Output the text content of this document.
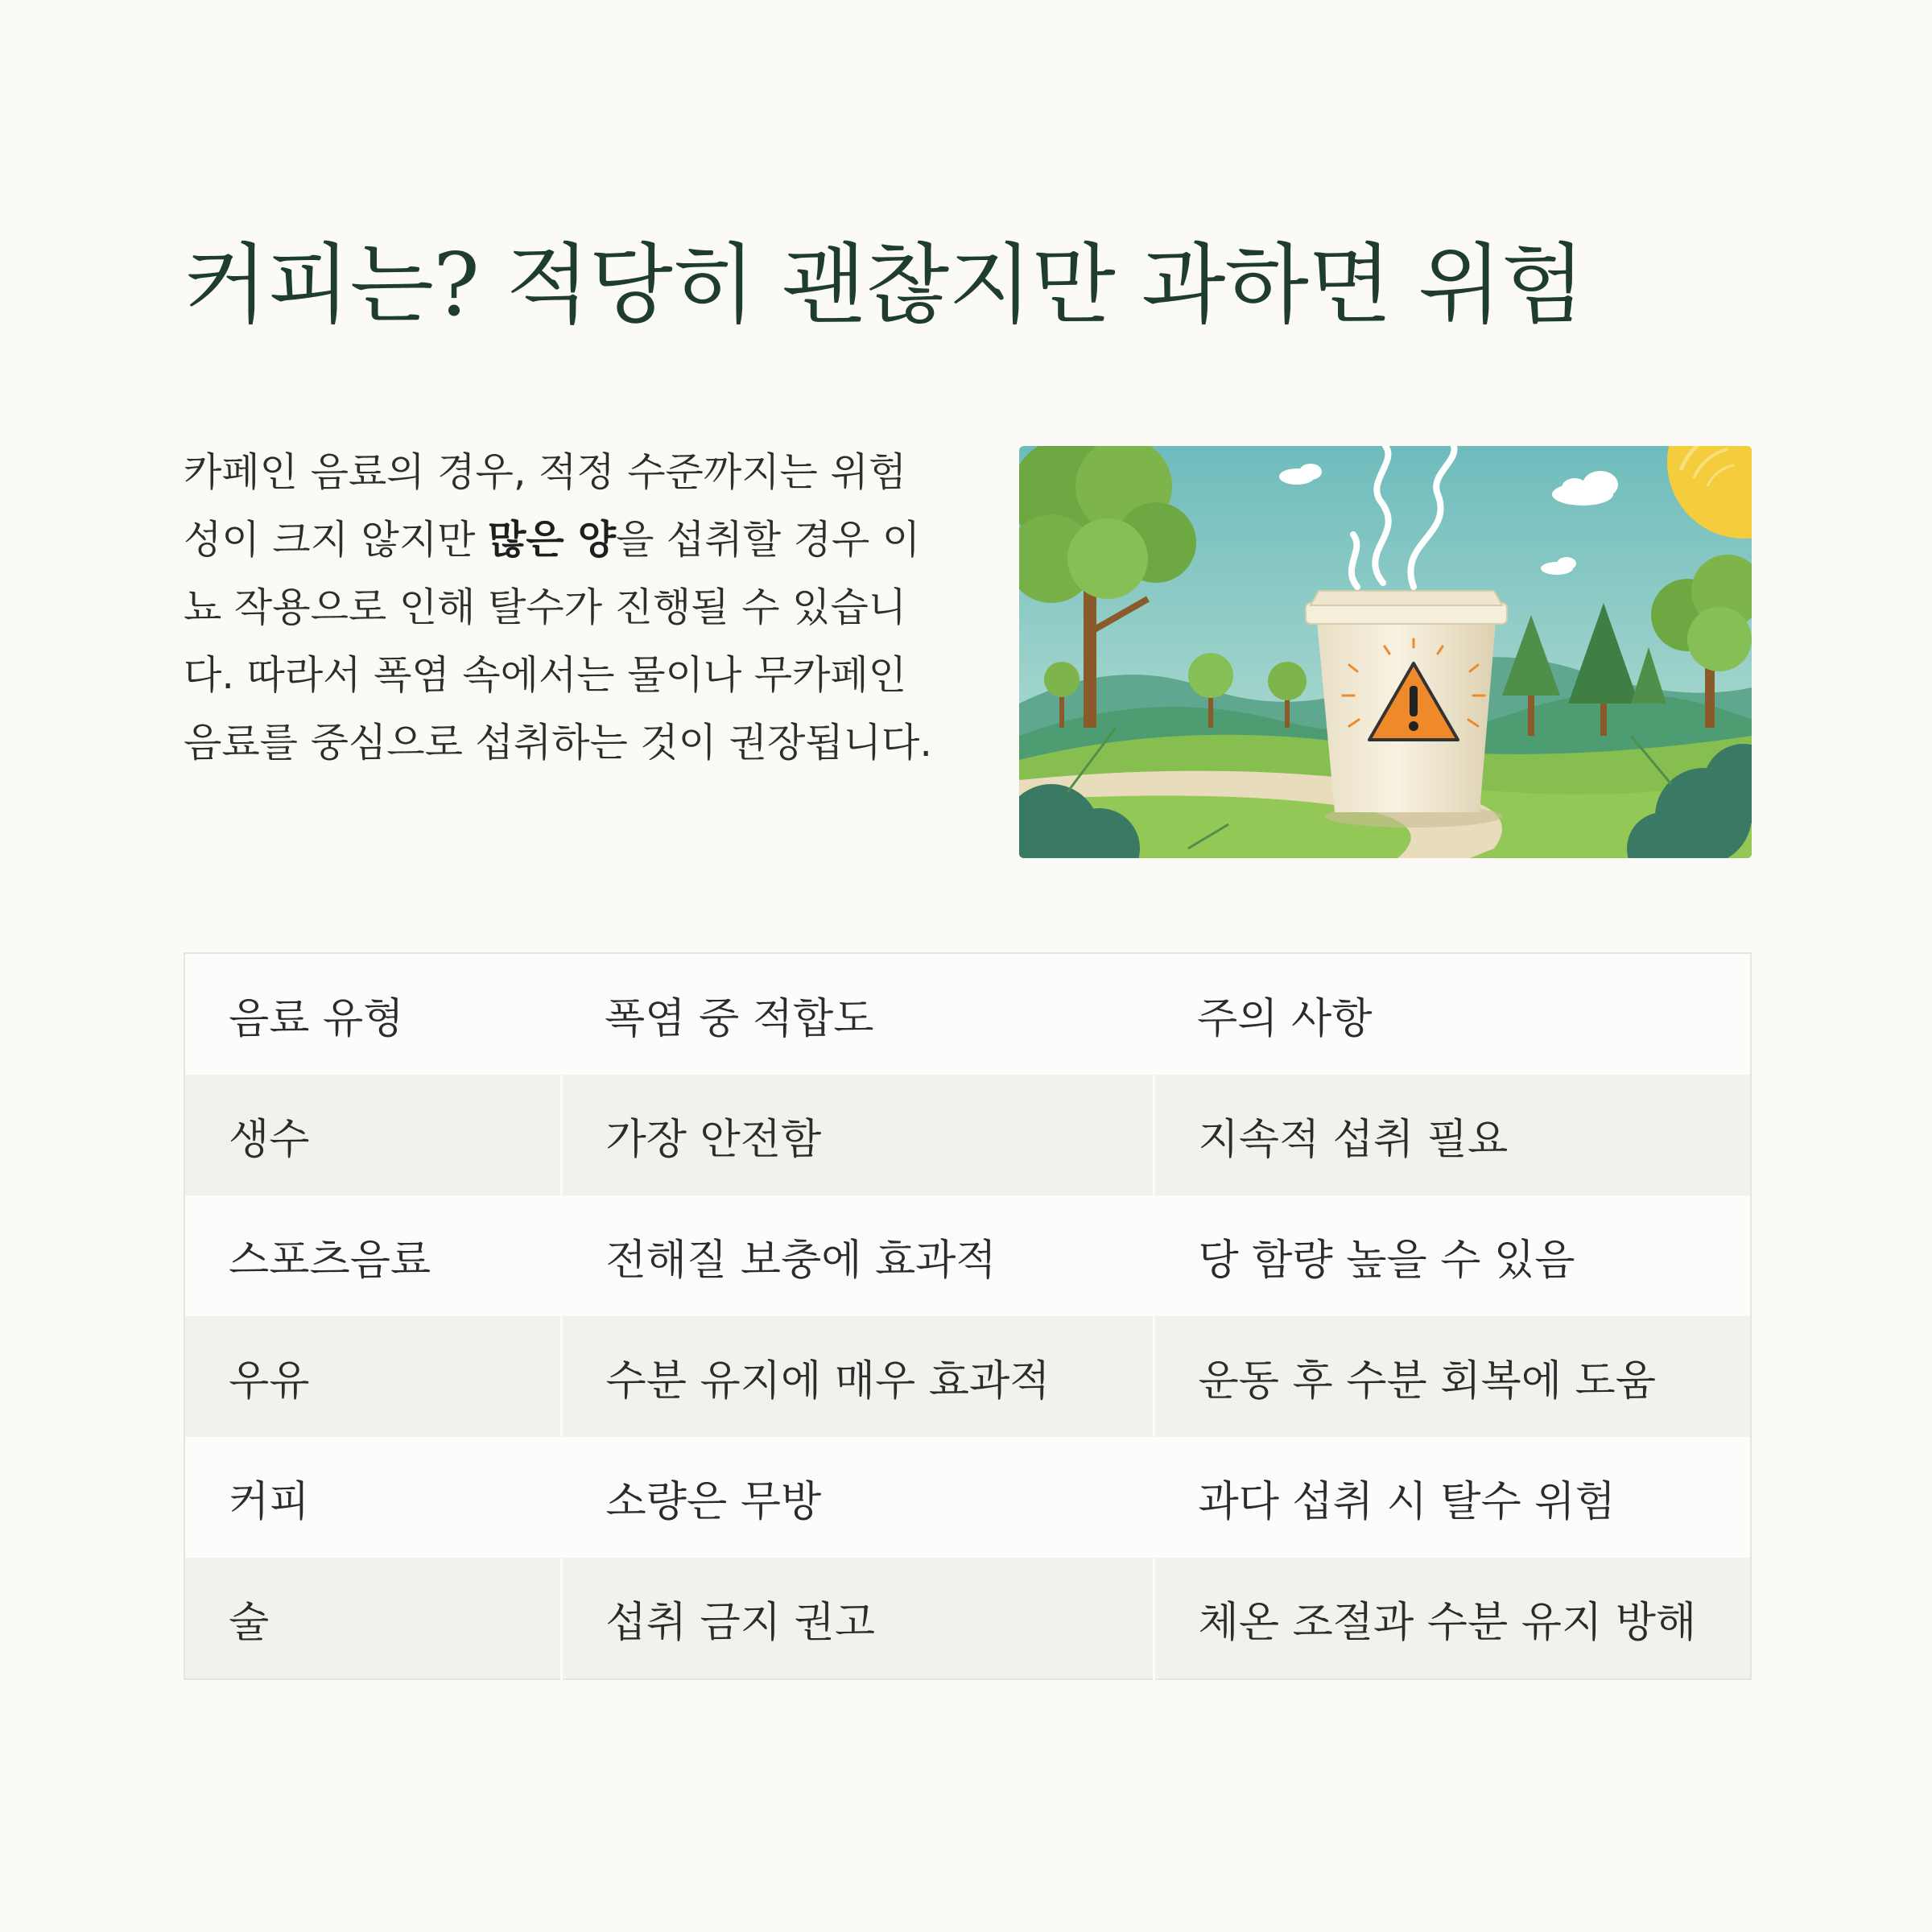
커피는? 적당히 괜찮지만 과하면 위험

카페인 음료의 경우, 적정 수준까지는 위험성이 크지 않지만 많은 양을 섭취할 경우 이뇨 작용으로 인해 탈수가 진행될 수 있습니다. 따라서 폭염 속에서는 물이나 무카페인 음료를 중심으로 섭취하는 것이 권장됩니다.

음료 유형	폭염 중 적합도	주의 사항
생수	가장 안전함	지속적 섭취 필요
스포츠음료	전해질 보충에 효과적	당 함량 높을 수 있음
우유	수분 유지에 매우 효과적	운동 후 수분 회복에 도움
커피	소량은 무방	과다 섭취 시 탈수 위험
술	섭취 금지 권고	체온 조절과 수분 유지 방해
